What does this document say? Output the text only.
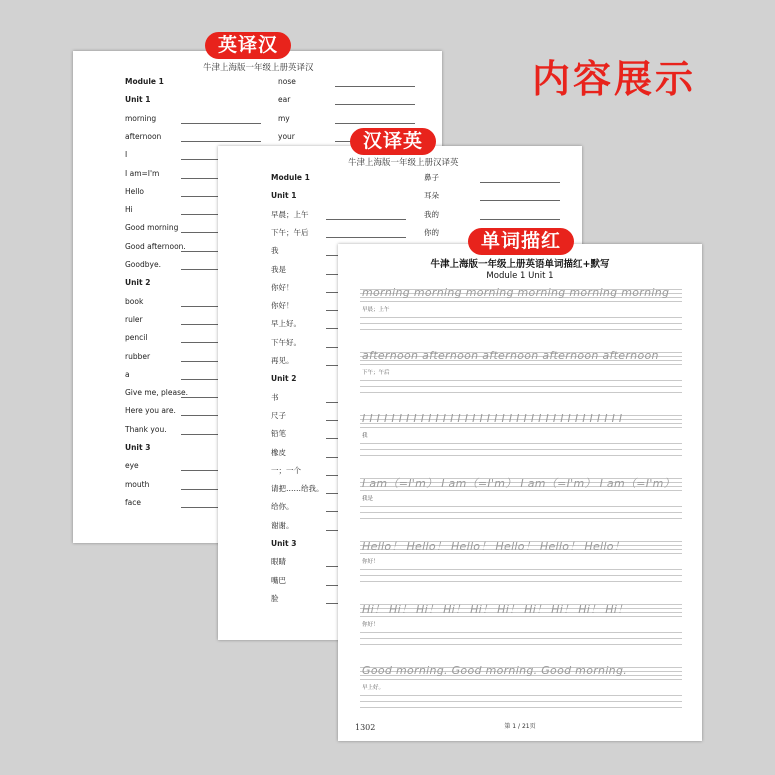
牛津上海版一年级上册英译汉
Module 1
Unit 1
morning
afternoon
I
I am=I'm
Hello
Hi
Good morning
Good afternoon.
Goodbye.
Unit 2
book
ruler
pencil
rubber
a
Give me, please.
Here you are.
Thank you.
Unit 3
eye
mouth
face
nose
ear
my
your
牛津上海版一年级上册汉译英
Module 1
Unit 1
早晨；上午
下午；午后
我
我是
你好！
你好！
早上好。
下午好。
再见。
Unit 2
书
尺子
铅笔
橡皮
一；一个
请把……给我。
给你。
谢谢。
Unit 3
眼睛
嘴巴
脸
鼻子
耳朵
我的
你的
牛津上海版一年级上册英语单词描红+默写
Module 1 Unit 1
morning morning morning morning morning morning
早晨；上午
afternoon afternoon afternoon afternoon afternoon
下午；午后
I I I I I I I I I I I I I I I I I I I I I I I I I I I I I I I I I I I I
我
I am（=I'm） I am（=I'm） I am（=I'm） I am（=I'm）
我是
Hello！ Hello！ Hello！ Hello！ Hello！ Hello！
你好！
Hi！ Hi！ Hi！ Hi！ Hi！ Hi！ Hi！ Hi！ Hi！ Hi！
你好！
Good morning. Good morning. Good morning.
早上好。
1302	第 1 / 21页
英译汉
汉译英
单词描红
内容展示
